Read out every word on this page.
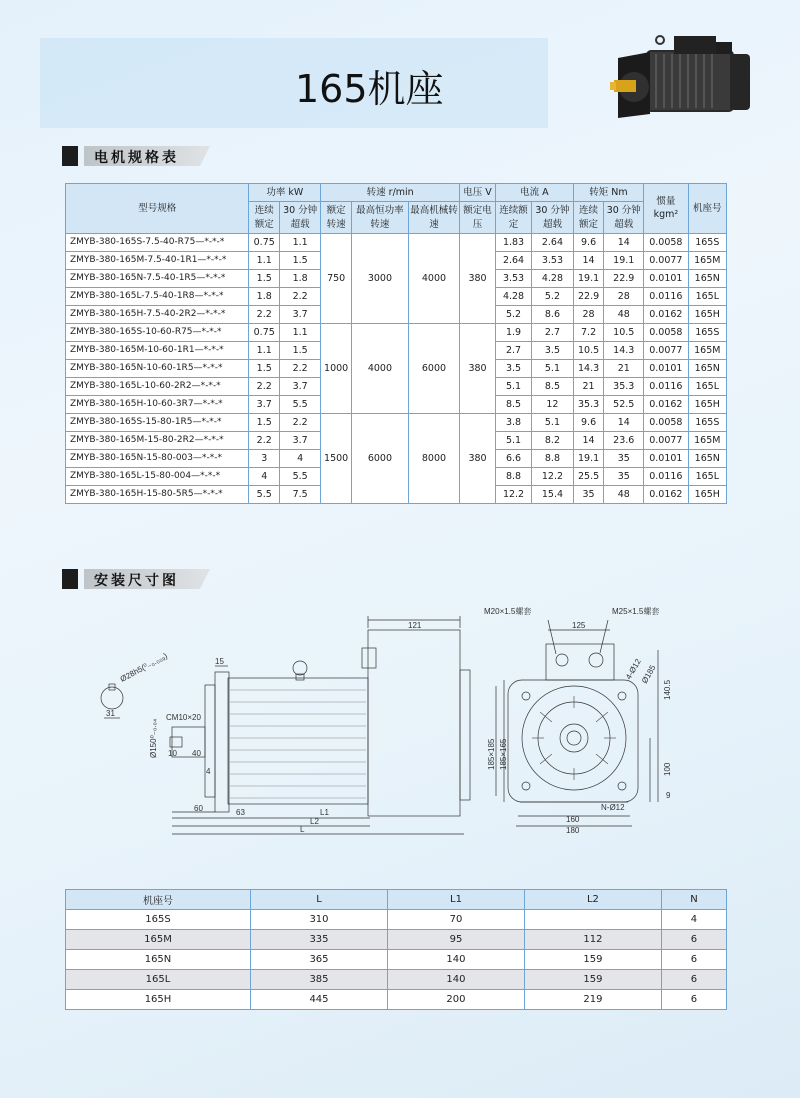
165机座
电机规格表
型号规格	功率 kW		转速 r/min			电压 V	电流 A		转矩 Nm		惯量
kgm²	机座号
	连续额定	30 分钟超载	额定转速	最高恒功率转速	最高机械转速	额定电压	连续额定	30 分钟超载	连续额定	30 分钟超载		
ZMYB-380-165S-7.5-40-R75—*-*-*	0.75	1.1	750	3000	4000	380	1.83	2.64	9.6	14	0.0058	165S
ZMYB-380-165M-7.5-40-1R1—*-*-*	1.1	1.5					2.64	3.53	14	19.1	0.0077	165M
ZMYB-380-165N-7.5-40-1R5—*-*-*	1.5	1.8					3.53	4.28	19.1	22.9	0.0101	165N
ZMYB-380-165L-7.5-40-1R8—*-*-*	1.8	2.2					4.28	5.2	22.9	28	0.0116	165L
ZMYB-380-165H-7.5-40-2R2—*-*-*	2.2	3.7					5.2	8.6	28	48	0.0162	165H
ZMYB-380-165S-10-60-R75—*-*-*	0.75	1.1	1000	4000	6000	380	1.9	2.7	7.2	10.5	0.0058	165S
ZMYB-380-165M-10-60-1R1—*-*-*	1.1	1.5					2.7	3.5	10.5	14.3	0.0077	165M
ZMYB-380-165N-10-60-1R5—*-*-*	1.5	2.2					3.5	5.1	14.3	21	0.0101	165N
ZMYB-380-165L-10-60-2R2—*-*-*	2.2	3.7					5.1	8.5	21	35.3	0.0116	165L
ZMYB-380-165H-10-60-3R7—*-*-*	3.7	5.5					8.5	12	35.3	52.5	0.0162	165H
ZMYB-380-165S-15-80-1R5—*-*-*	1.5	2.2	1500	6000	8000	380	3.8	5.1	9.6	14	0.0058	165S
ZMYB-380-165M-15-80-2R2—*-*-*	2.2	3.7					5.1	8.2	14	23.6	0.0077	165M
ZMYB-380-165N-15-80-003—*-*-*	3	4					6.6	8.8	19.1	35	0.0101	165N
ZMYB-380-165L-15-80-004—*-*-*	4	5.5					8.8	12.2	25.5	35	0.0116	165L
ZMYB-380-165H-15-80-5R5—*-*-*	5.5	7.5					12.2	15.4	35	48	0.0162	165H
安装尺寸图
121
15
Ø28h5(⁰₋₀.₀₀₉)
31	CM10×20
Ø150⁰₋₀.₀₄ 10 40
4
60	63	L1
L2
L
M20×1.5螺套	M25×1.5螺套
125
4-Ø12
Ø185
140.5
185×185 185×165	100
9
N-Ø12
160
180
机座号	L	L1	L2	N
165S	310	70		4
165M	335	95	112	6
165N	365	140	159	6
165L	385	140	159	6
165H	445	200	219	6
